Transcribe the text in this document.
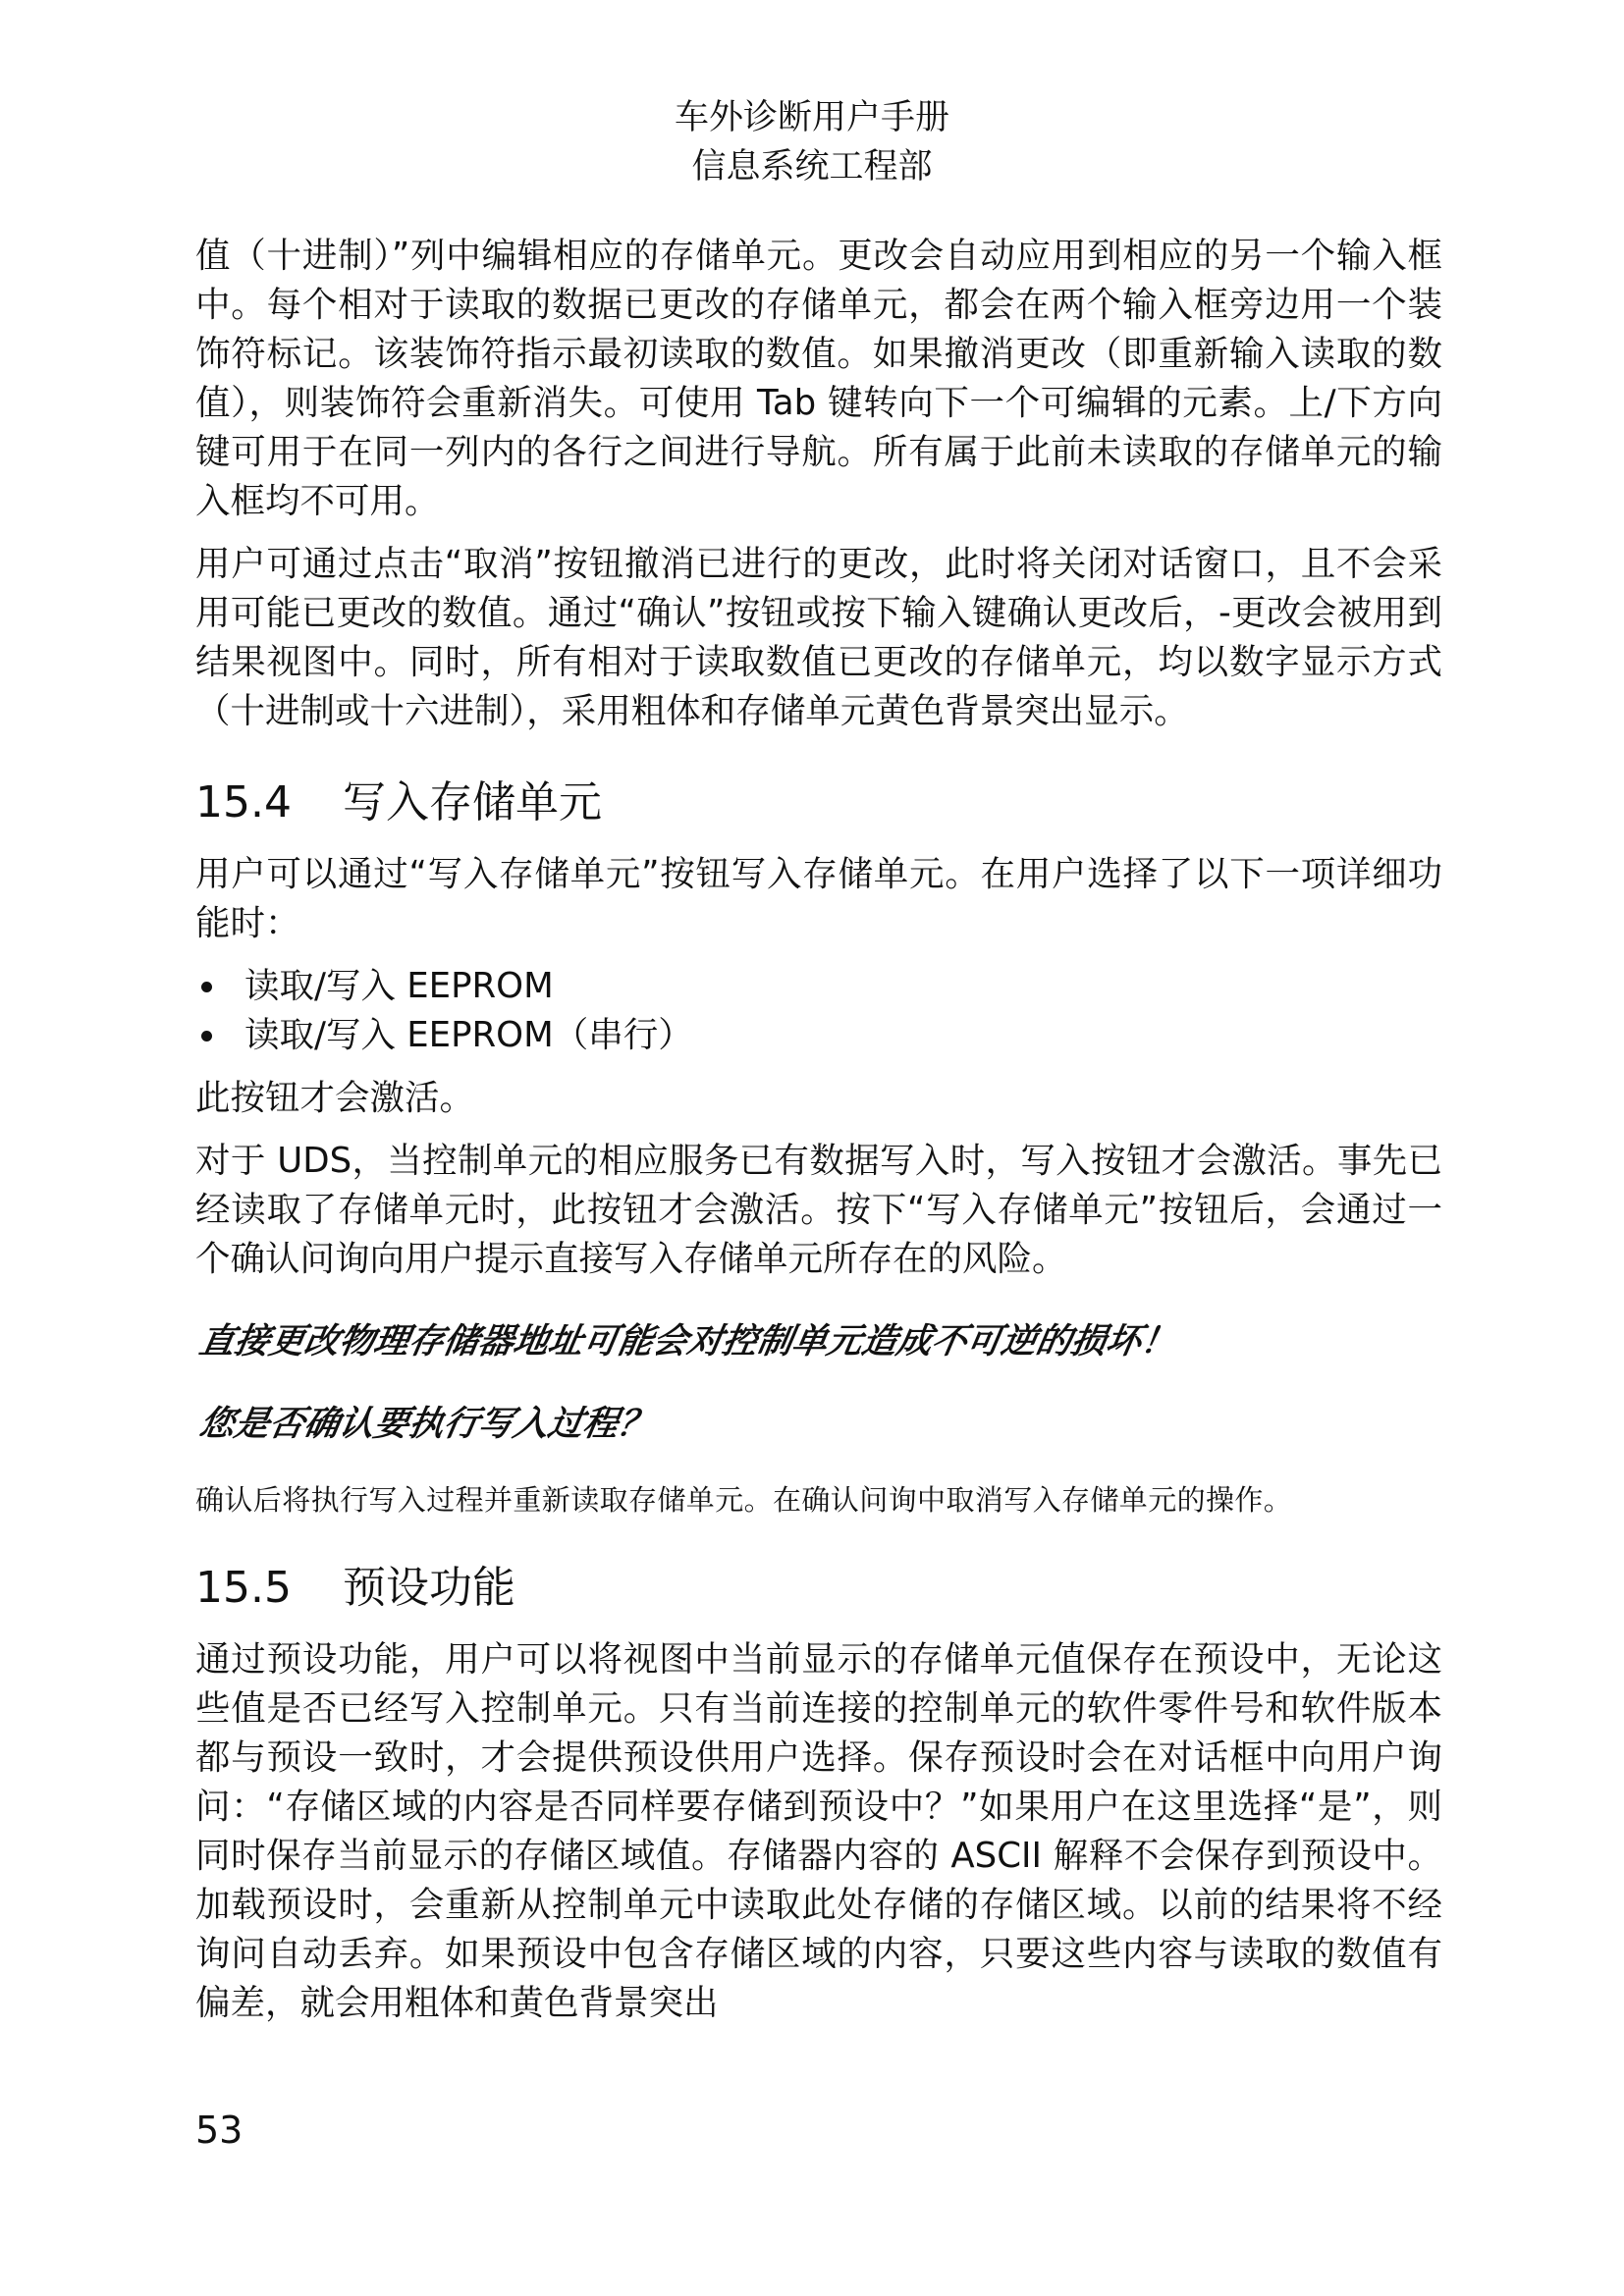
车外诊断用户手册
信息系统工程部

值（十进制）”列中编辑相应的存储单元。更改会自动应用到相应的另一个输入框中。每个相对于读取的数据已更改的存储单元，都会在两个输入框旁边用一个装饰符标记。该装饰符指示最初读取的数值。如果撤消更改（即重新输入读取的数值），则装饰符会重新消失。可使用 Tab 键转向下一个可编辑的元素。上/下方向键可用于在同一列内的各行之间进行导航。所有属于此前未读取的存储单元的输入框均不可用。

用户可通过点击“取消”按钮撤消已进行的更改，此时将关闭对话窗口，且不会采用可能已更改的数值。通过“确认”按钮或按下输入键确认更改后，-更改会被用到结果视图中。同时，所有相对于读取数值已更改的存储单元，均以数字显示方式（十进制或十六进制），采用粗体和存储单元黄色背景突出显示。

15.4 写入存储单元

用户可以通过“写入存储单元”按钮写入存储单元。在用户选择了以下一项详细功能时：

读取/写入 EEPROM
读取/写入 EEPROM（串行）

此按钮才会激活。

对于 UDS，当控制单元的相应服务已有数据写入时，写入按钮才会激活。事先已经读取了存储单元时，此按钮才会激活。按下“写入存储单元”按钮后，会通过一个确认问询向用户提示直接写入存储单元所存在的风险。

直接更改物理存储器地址可能会对控制单元造成不可逆的损坏！
您是否确认要执行写入过程？

确认后将执行写入过程并重新读取存储单元。在确认问询中取消写入存储单元的操作。

15.5 预设功能

通过预设功能，用户可以将视图中当前显示的存储单元值保存在预设中，无论这些值是否已经写入控制单元。只有当前连接的控制单元的软件零件号和软件版本都与预设一致时，才会提供预设供用户选择。保存预设时会在对话框中向用户询问：“存储区域的内容是否同样要存储到预设中？”如果用户在这里选择“是”，则同时保存当前显示的存储区域值。存储器内容的 ASCII 解释不会保存到预设中。加载预设时，会重新从控制单元中读取此处存储的存储区域。以前的结果将不经询问自动丢弃。如果预设中包含存储区域的内容，只要这些内容与读取的数值有偏差，就会用粗体和黄色背景突出

53
